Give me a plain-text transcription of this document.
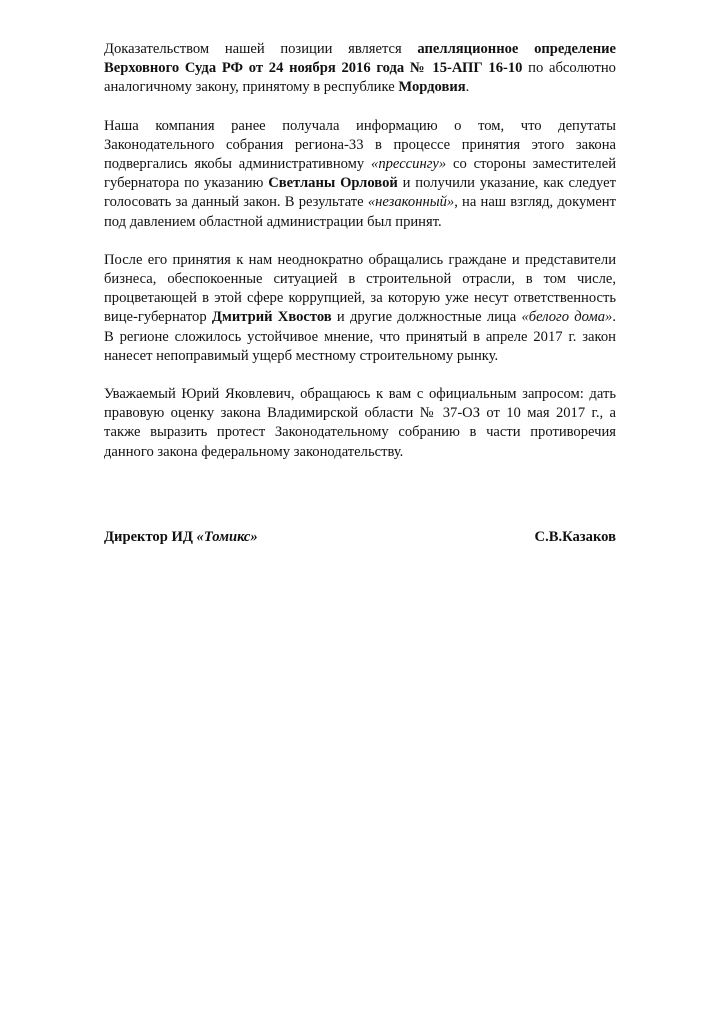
Доказательством нашей позиции является апелляционное определение Верховного Суда РФ от 24 ноября 2016 года № 15-АПГ 16-10 по абсолютно аналогичному закону, принятому в республике Мордовия.

Наша компания ранее получала информацию о том, что депутаты Законодательного собрания региона-33 в процессе принятия этого закона подвергались якобы административному «прессингу» со стороны заместителей губернатора по указанию Светланы Орловой и получили указание, как следует голосовать за данный закон. В результате «незаконный», на наш взгляд, документ под давлением областной администрации был принят.

После его принятия к нам неоднократно обращались граждане и представители бизнеса, обеспокоенные ситуацией в строительной отрасли, в том числе, процветающей в этой сфере коррупцией, за которую уже несут ответственность вице-губернатор Дмитрий Хвостов и другие должностные лица «белого дома». В регионе сложилось устойчивое мнение, что принятый в апреле 2017 г. закон нанесет непоправимый ущерб местному строительному рынку.

Уважаемый Юрий Яковлевич, обращаюсь к вам с официальным запросом: дать правовую оценку закона Владимирской области № 37-ОЗ от 10 мая 2017 г., а также выразить протест Законодательному собранию в части противоречия данного закона федеральному законодательству.

Директор ИД «Томикс»	С.В.Казаков
